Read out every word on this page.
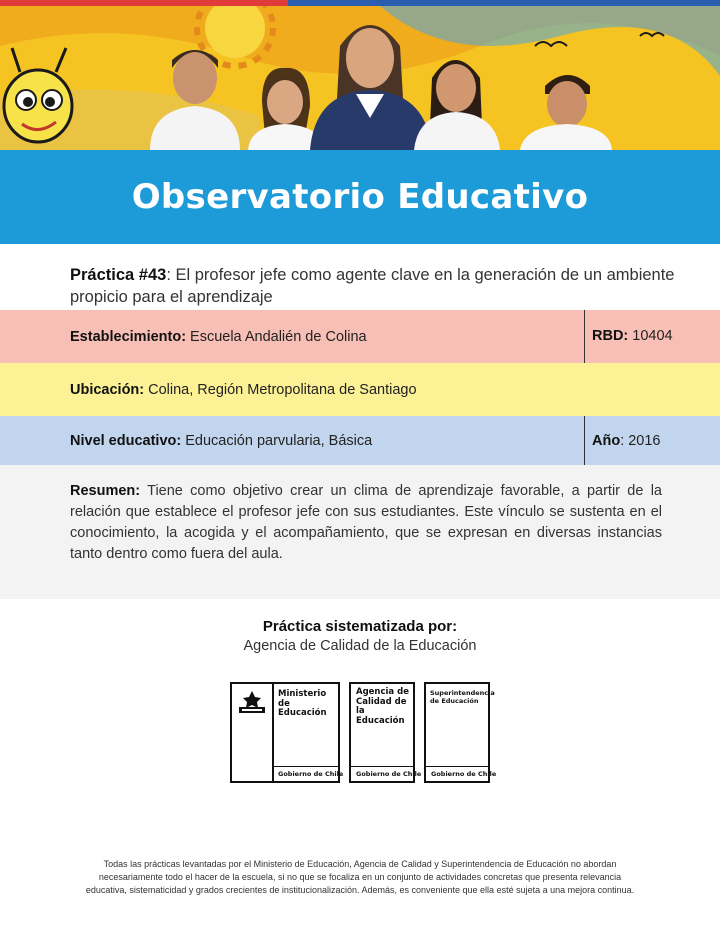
Observatorio Educativo
Práctica #43: El profesor jefe como agente clave en la generación de un ambiente propicio para el aprendizaje
Establecimiento: Escuela Andalién de Colina	RBD: 10404
Ubicación: Colina, Región Metropolitana de Santiago
Nivel educativo: Educación parvularia, Básica	Año : 2016

Resumen: Tiene como objetivo crear un clima de aprendizaje favorable, a partir de la relación que establece el profesor jefe con sus estudiantes. Este vínculo se sustenta en el conocimiento, la acogida y el acompañamiento, que se expresan en diversas instancias tanto dentro como fuera del aula.

Práctica sistematizada por:
Agencia de Calidad de la Educación
Ministerio de
Educación
Gobierno de Chile
Agencia de
Calidad de la
Educación
Gobierno de Chile
Superintendencia
de Educación
Gobierno de Chile
Todas las prácticas levantadas por el Ministerio de Educación, Agencia de Calidad y Superintendencia de Educación no abordan
necesariamente todo el hacer de la escuela, si no que se focaliza en un conjunto de actividades concretas que presenta relevancia
educativa, sistematicidad y grados crecientes de institucionalización. Además, es conveniente que ella esté sujeta a una mejora continua.
